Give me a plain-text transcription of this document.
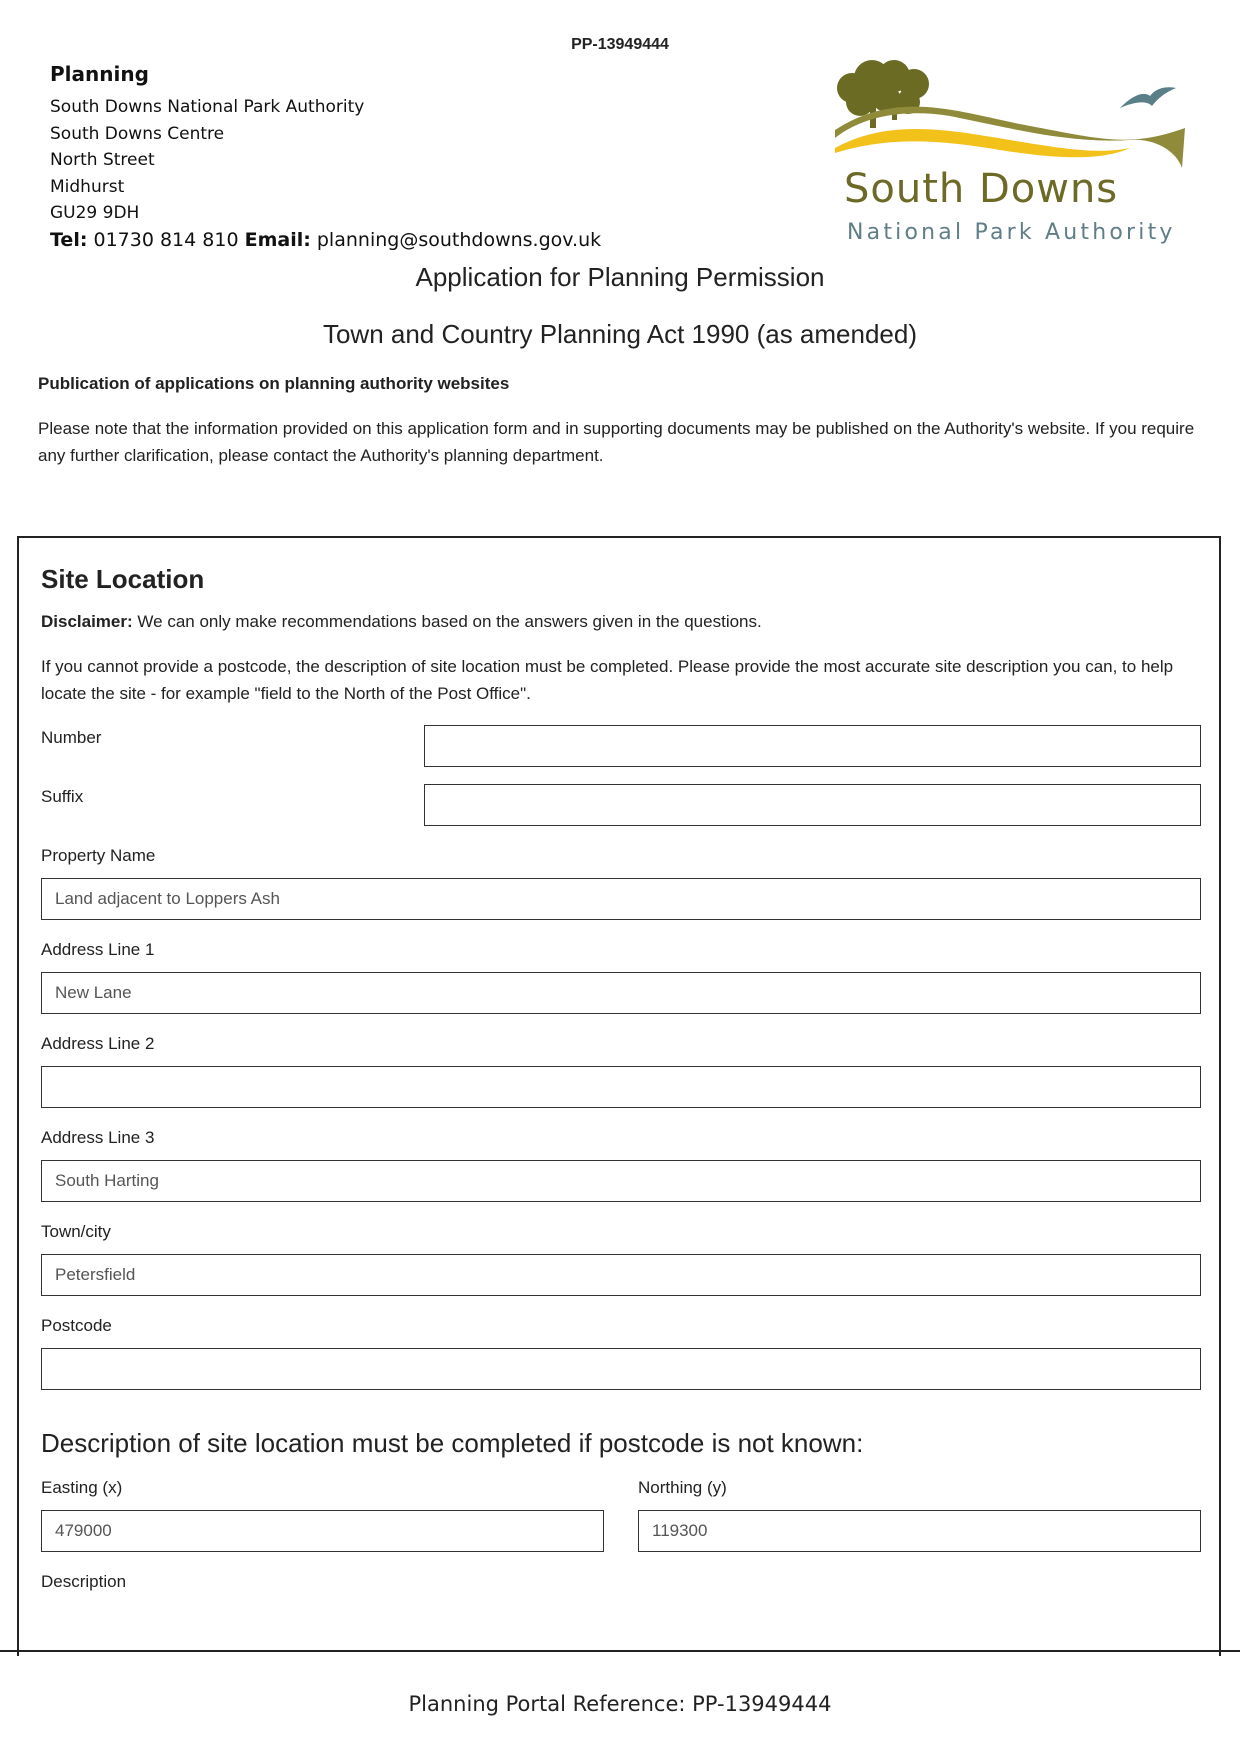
PP-13949444
Planning
South Downs National Park Authority
South Downs Centre
North Street
Midhurst
GU29 9DH
Tel: 01730 814 810 Email: planning@southdowns.gov.uk
South Downs
National Park Authority
Application for Planning Permission
Town and Country Planning Act 1990 (as amended)
Publication of applications on planning authority websites
Please note that the information provided on this application form and in supporting documents may be published on the Authority's website. If you require any further clarification, please contact the Authority's planning department.
Site Location
Disclaimer: We can only make recommendations based on the answers given in the questions.
If you cannot provide a postcode, the description of site location must be completed. Please provide the most accurate site description you can, to help locate the site - for example "field to the North of the Post Office".
Number
Suffix
Property Name
Land adjacent to Loppers Ash
Address Line 1
New Lane
Address Line 2
Address Line 3
South Harting
Town/city
Petersfield
Postcode
Description of site location must be completed if postcode is not known:
Easting (x)
479000
Northing (y)
119300
Description
Planning Portal Reference: PP-13949444
